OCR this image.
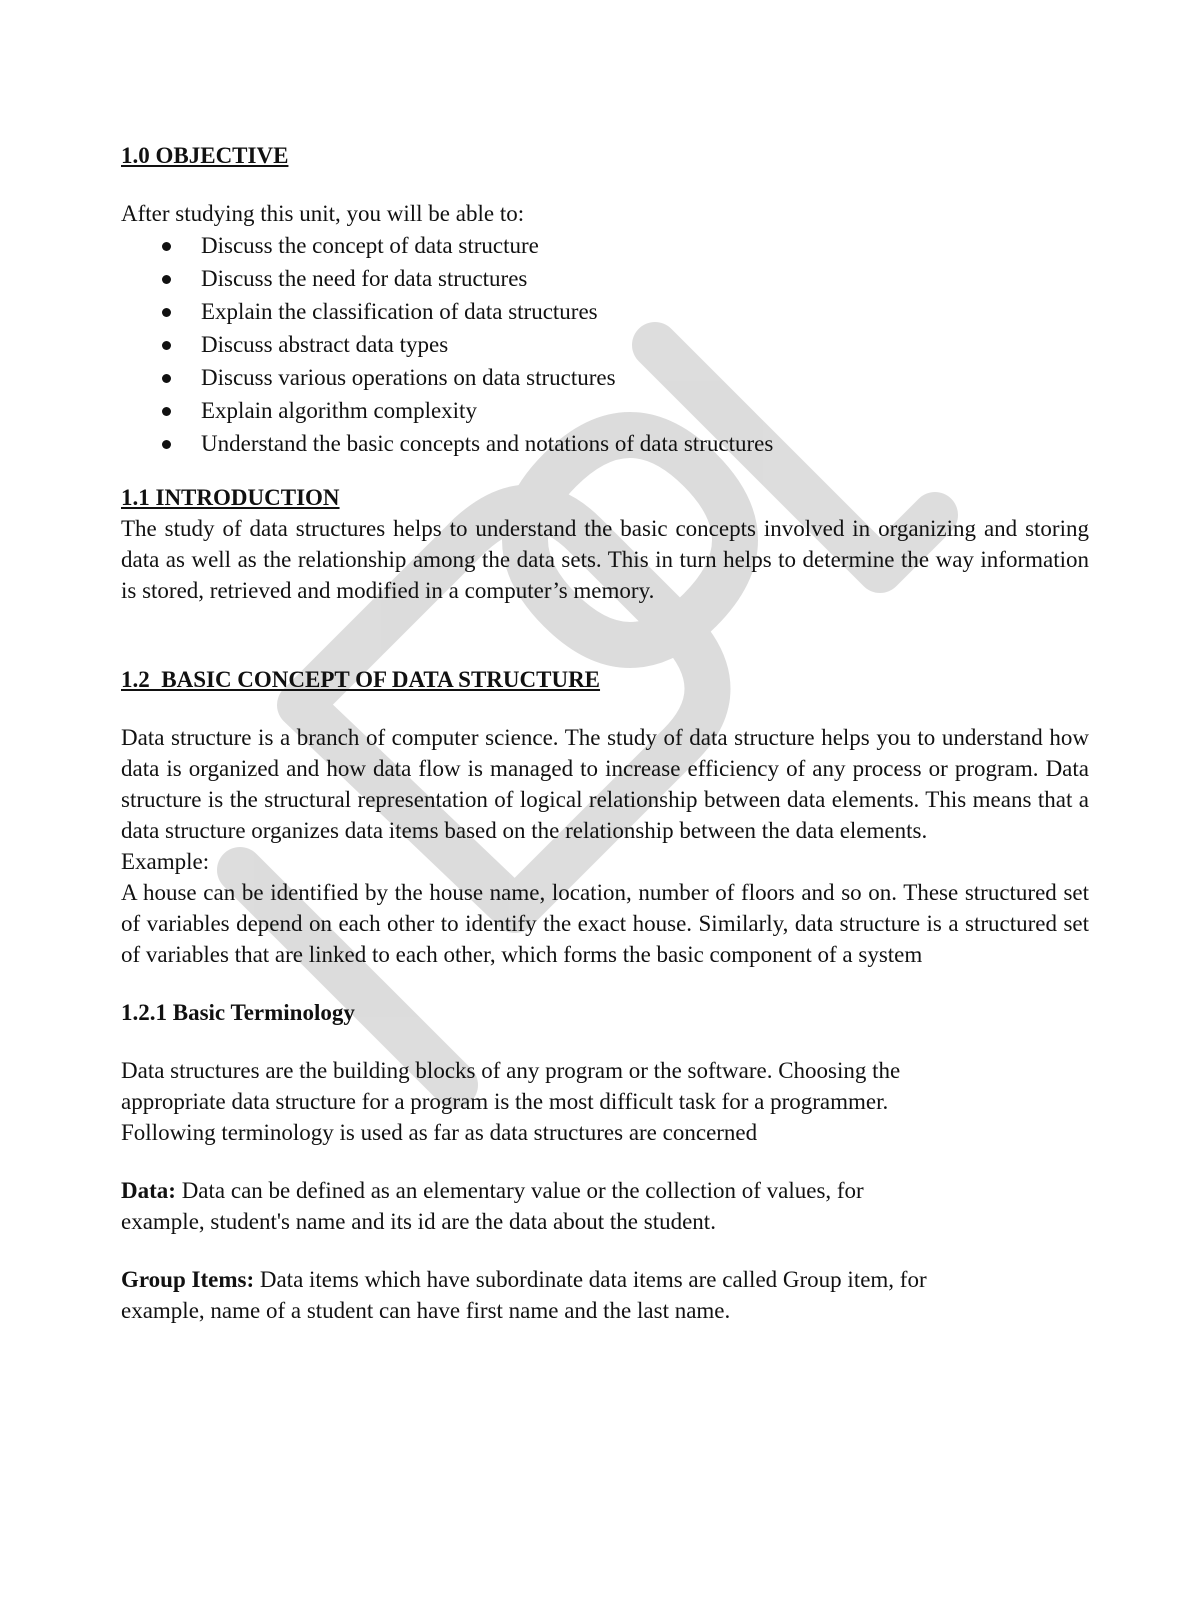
1.0 OBJECTIVE

After studying this unit, you will be able to:

Discuss the concept of data structure
Discuss the need for data structures
Explain the classification of data structures
Discuss abstract data types
Discuss various operations on data structures
Explain algorithm complexity
Understand the basic concepts and notations of data structures

1.1 INTRODUCTION

The study of data structures helps to understand the basic concepts involved in organizing and storing data as well as the relationship among the data sets. This in turn helps to determine the way information is stored, retrieved and modified in a computer’s memory.

1.2  BASIC CONCEPT OF DATA STRUCTURE

Data structure is a branch of computer science. The study of data structure helps you to understand how data is organized and how data flow is managed to increase efficiency of any process or program. Data structure is the structural representation of logical relationship between data elements. This means that a data structure organizes data items based on the relationship between the data elements.

Example:

A house can be identified by the house name, location, number of floors and so on. These structured set of variables depend on each other to identify the exact house. Similarly, data structure is a structured set of variables that are linked to each other, which forms the basic component of a system

1.2.1 Basic Terminology

Data structures are the building blocks of any program or the software. Choosing the
appropriate data structure for a program is the most difficult task for a programmer.
Following terminology is used as far as data structures are concerned

Data: Data can be defined as an elementary value or the collection of values, for
example, student's name and its id are the data about the student.

Group Items: Data items which have subordinate data items are called Group item, for
example, name of a student can have first name and the last name.
